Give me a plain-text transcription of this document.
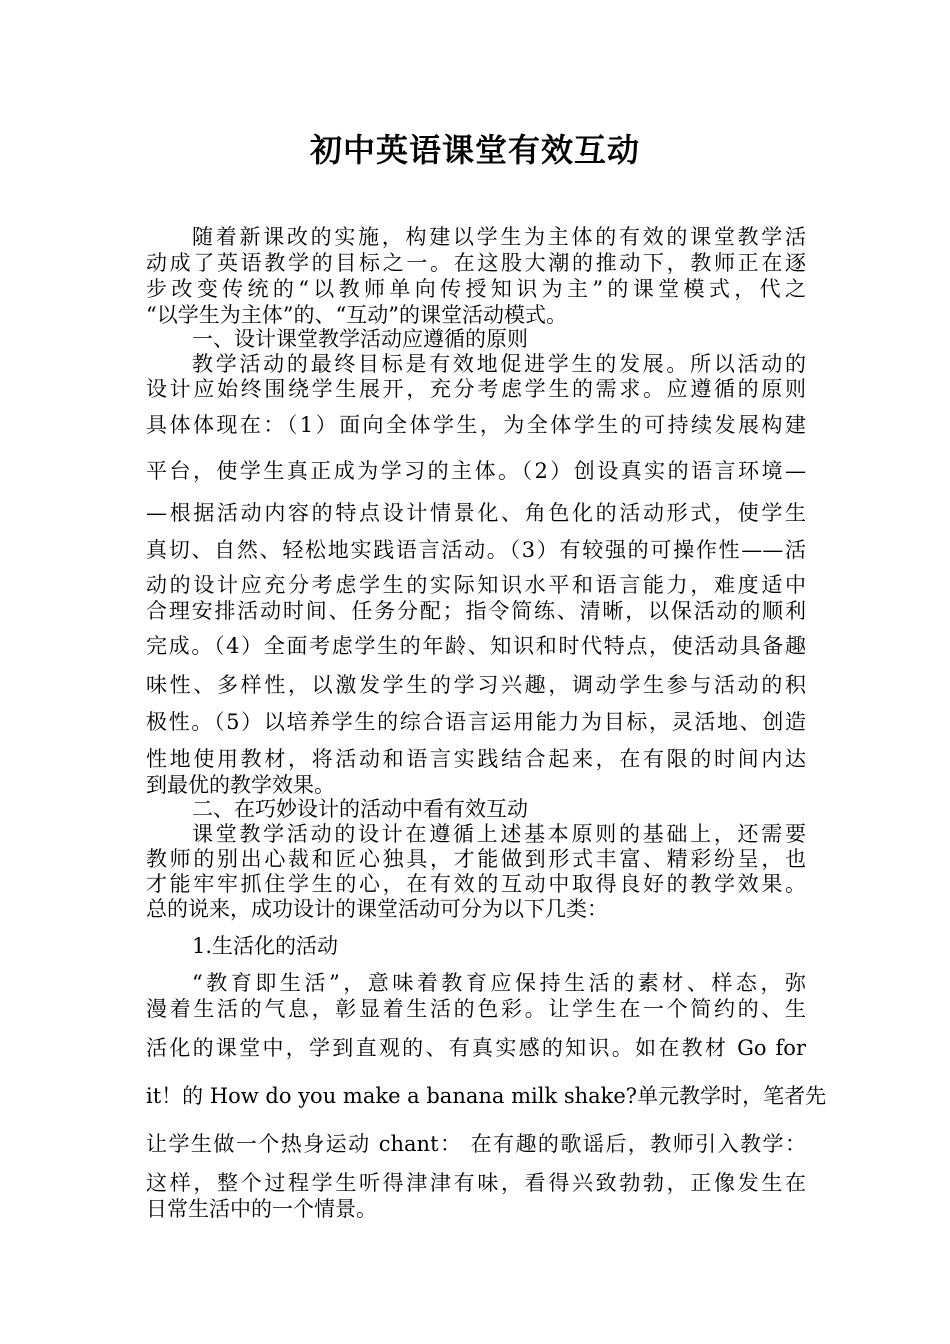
初中英语课堂有效互动
随着新课改的实施，构建以学生为主体的有效的课堂教学活
动成了英语教学的目标之一。在这股大潮的推动下，教师正在逐
步改变传统的“以教师单向传授知识为主”的课堂模式，代之
“以学生为主体”的、“互动”的课堂活动模式。
一、设计课堂教学活动应遵循的原则
教学活动的最终目标是有效地促进学生的发展。所以活动的
设计应始终围绕学生展开，充分考虑学生的需求。应遵循的原则
具体体现在：（1）面向全体学生，为全体学生的可持续发展构建
平台，使学生真正成为学习的主体。（2）创设真实的语言环境—
—根据活动内容的特点设计情景化、角色化的活动形式，使学生
真切、自然、轻松地实践语言活动。（3）有较强的可操作性——活
动的设计应充分考虑学生的实际知识水平和语言能力，难度适中
合理安排活动时间、任务分配；指令简练、清晰，以保活动的顺利
完成。（4）全面考虑学生的年龄、知识和时代特点，使活动具备趣
味性、多样性，以激发学生的学习兴趣，调动学生参与活动的积
极性。（5）以培养学生的综合语言运用能力为目标，灵活地、创造
性地使用教材，将活动和语言实践结合起来，在有限的时间内达
到最优的教学效果。
二、在巧妙设计的活动中看有效互动
课堂教学活动的设计在遵循上述基本原则的基础上，还需要
教师的别出心裁和匠心独具，才能做到形式丰富、精彩纷呈，也
才能牢牢抓住学生的心，在有效的互动中取得良好的教学效果。
总的说来，成功设计的课堂活动可分为以下几类：
1.生活化的活动
“教育即生活”，意味着教育应保持生活的素材、样态，弥
漫着生活的气息，彰显着生活的色彩。让学生在一个简约的、生
活化的课堂中，学到直观的、有真实感的知识。如在教材 Go for
it！的 How do you make a banana milk shake?单元教学时，笔者先
让学生做一个热身运动 chant： 在有趣的歌谣后，教师引入教学：
这样，整个过程学生听得津津有味，看得兴致勃勃，正像发生在
日常生活中的一个情景。
